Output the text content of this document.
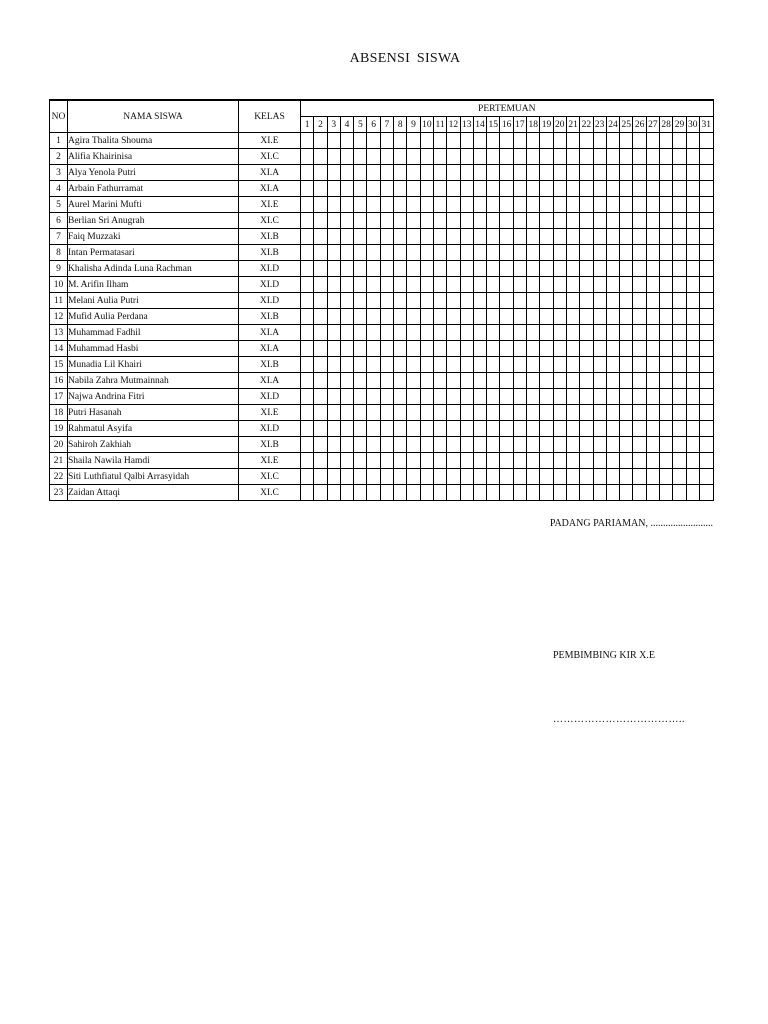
ABSENSI SISWA
NO	NAMA SISWA	KELAS	PERTEMUAN																														
			1	2	3	4	5	6	7	8	9	10	11	12	13	14	15	16	17	18	19	20	21	22	23	24	25	26	27	28	29	30	31
1	Agira Thalita Shouma	XI.E																															
2	Alifia Khairinisa	XI.C																															
3	Alya Yenola Putri	XI.A																															
4	Arbain Fathurramat	XI.A																															
5	Aurel Marini Mufti	XI.E																															
6	Berlian Sri Anugrah	XI.C																															
7	Faiq Muzzaki	XI.B																															
8	Intan Permatasari	XI.B																															
9	Khalisha Adinda Luna Rachman	XI.D																															
10	M. Arifin Ilham	XI.D																															
11	Melani Aulia Putri	XI.D																															
12	Mufid Aulia Perdana	XI.B																															
13	Muhammad Fadhil	XI.A																															
14	Muhammad Hasbi	XI.A																															
15	Munadia Lil Khairi	XI.B																															
16	Nabila Zahra Mutmainnah	XI.A																															
17	Najwa Andrina Fitri	XI.D																															
18	Putri Hasanah	XI.E																															
19	Rahmatul Asyifa	XI.D																															
20	Sahiroh Zakhiah	XI.B																															
21	Shaila Nawila Hamdi	XI.E																															
22	Siti Luthfiatul Qalbi Arrasyidah	XI.C																															
23	Zaidan Attaqi	XI.C																															
PADANG PARIAMAN, .........................
PEMBIMBING KIR X.E
………………………………..
